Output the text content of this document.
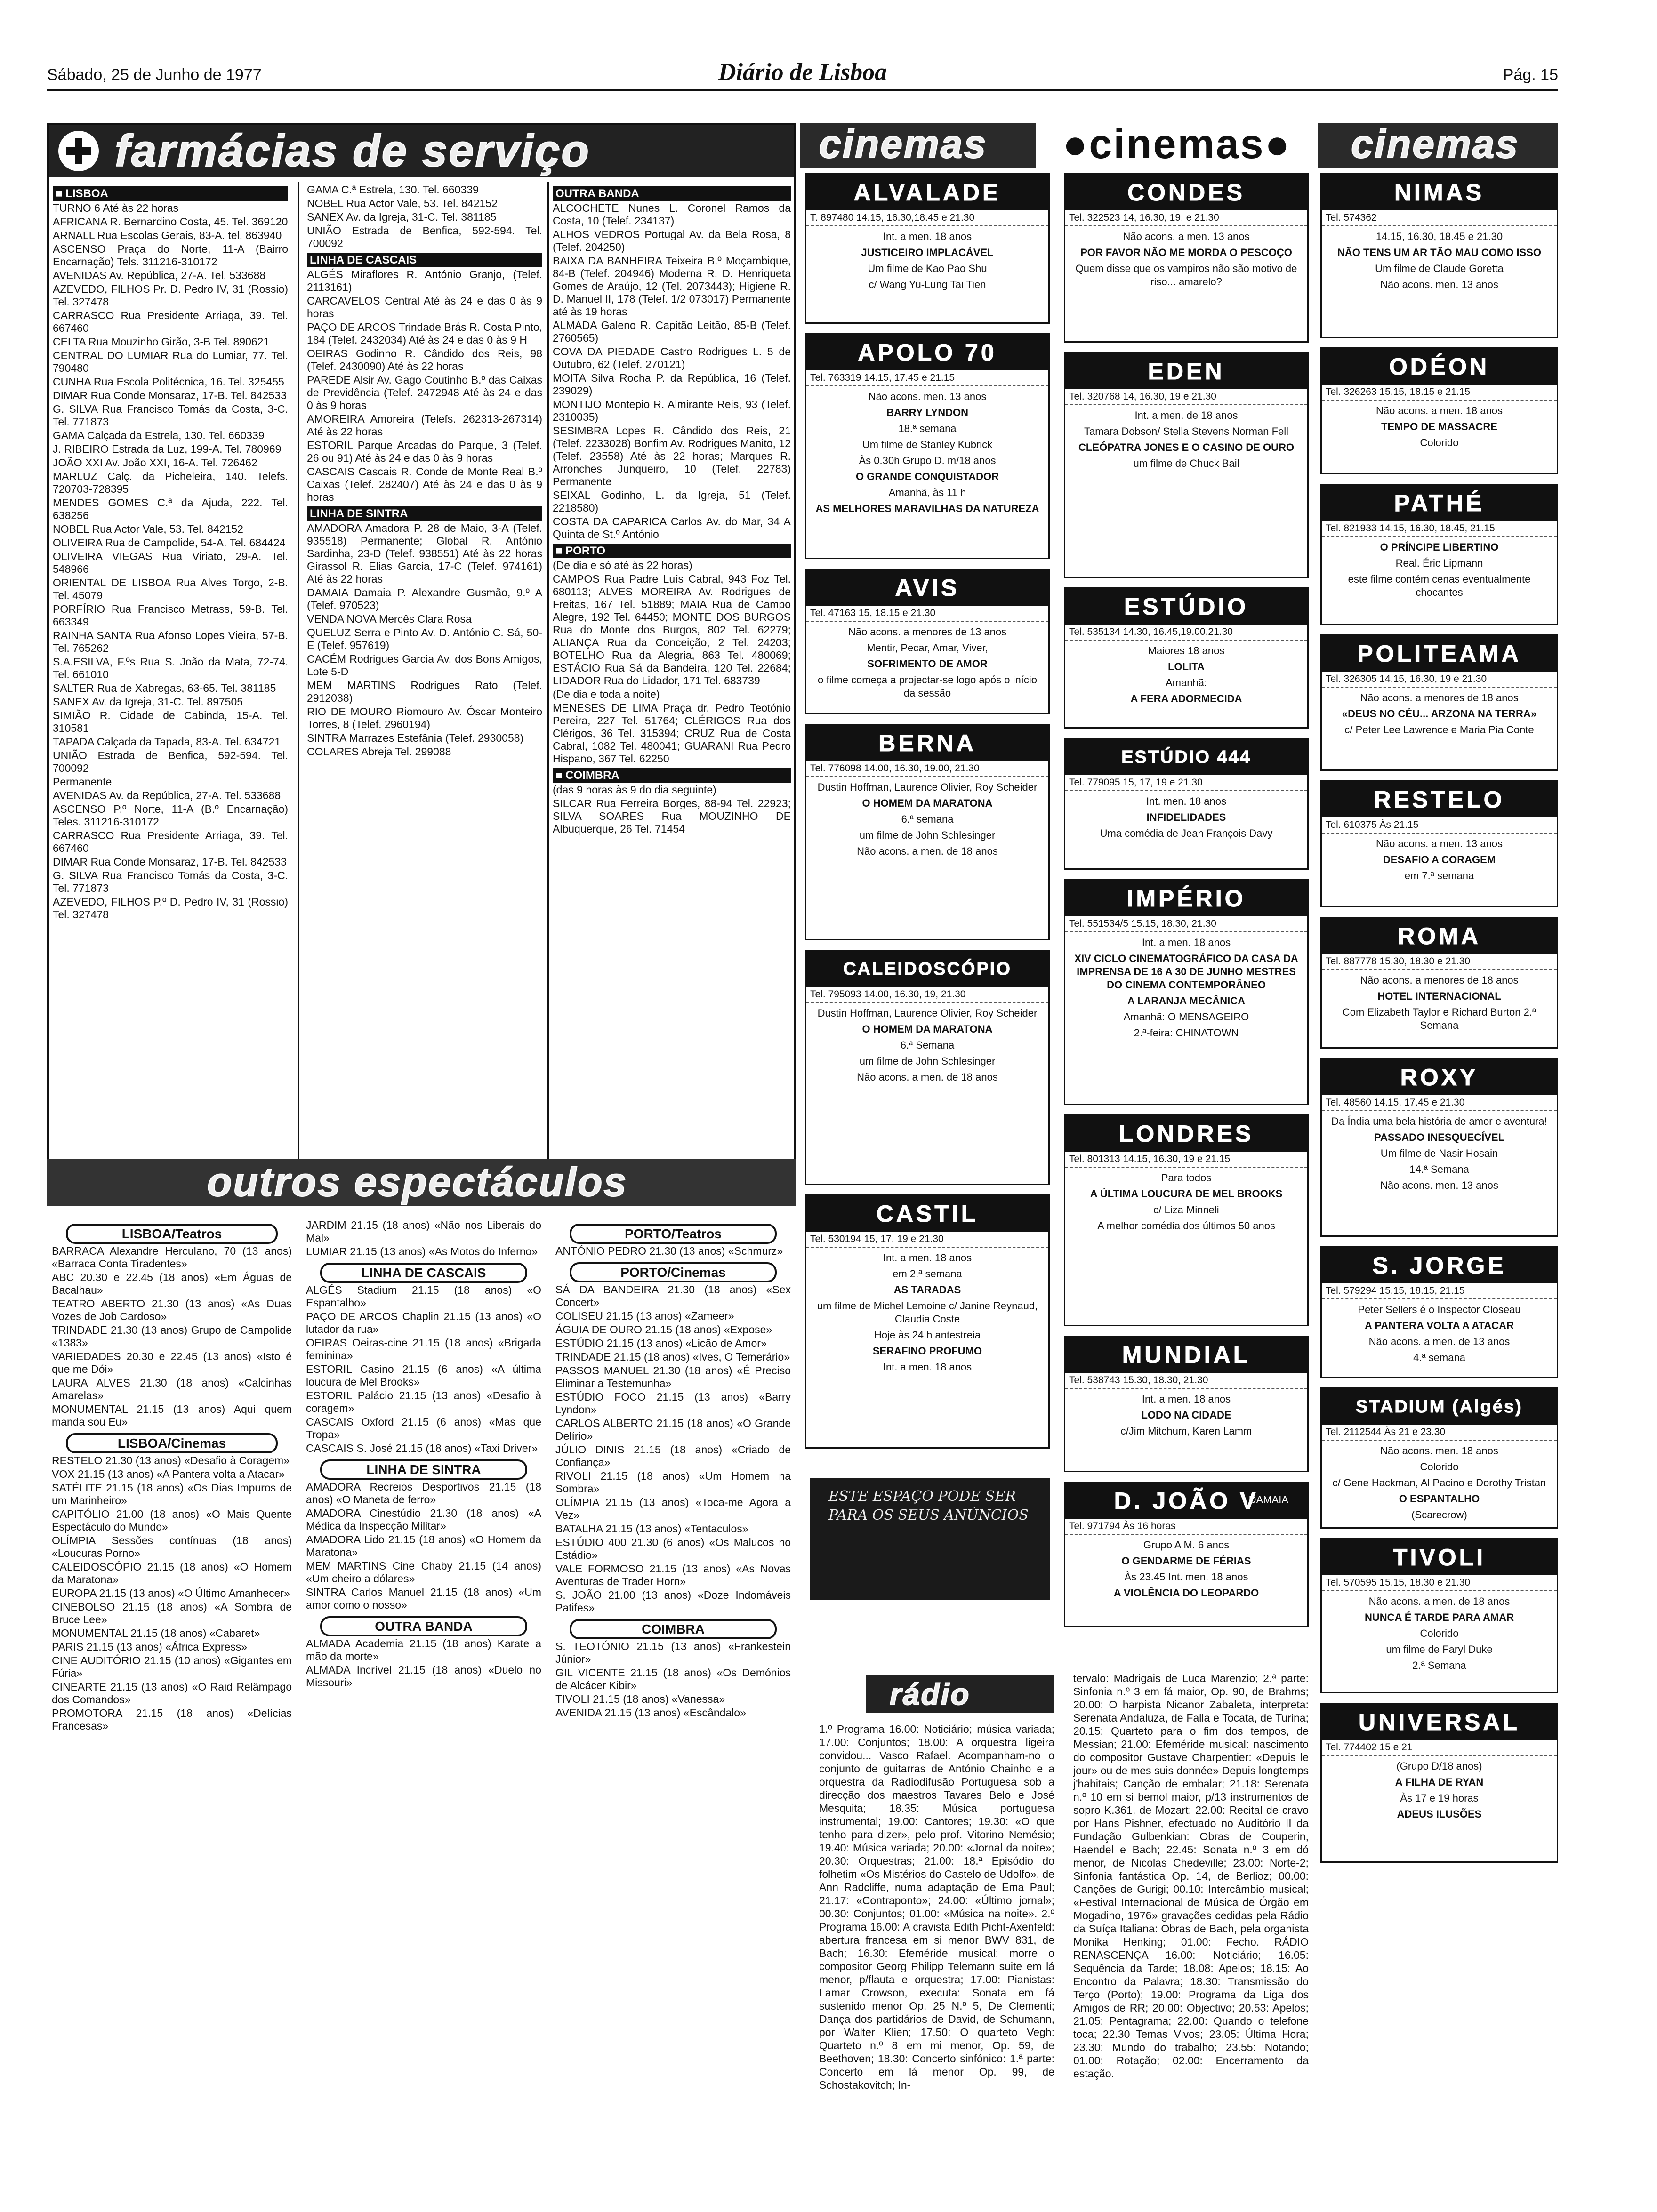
Sábado, 25 de Junho de 1977	Diário de Lisboa	Pág. 15
farmácias de serviço
■ LISBOA
TURNO 6 Até às 22 horas
AFRICANA R. Bernardino Costa, 45. Tel. 369120
ARNALL Rua Escolas Gerais, 83-A. tel. 863940
ASCENSO Praça do Norte, 11-A (Bairro Encarnação) Tels. 311216-310172
AVENIDAS Av. República, 27-A. Tel. 533688
AZEVEDO, FILHOS Pr. D. Pedro IV, 31 (Rossio) Tel. 327478
CARRASCO Rua Presidente Arriaga, 39. Tel. 667460
CELTA Rua Mouzinho Girão, 3-B Tel. 890621
CENTRAL DO LUMIAR Rua do Lumiar, 77. Tel. 790480
CUNHA Rua Escola Politécnica, 16. Tel. 325455
DIMAR Rua Conde Monsaraz, 17-B. Tel. 842533
G. SILVA Rua Francisco Tomás da Costa, 3-C. Tel. 771873
GAMA Calçada da Estrela, 130. Tel. 660339
J. RIBEIRO Estrada da Luz, 199-A. Tel. 780969
JOÃO XXI Av. João XXI, 16-A. Tel. 726462
MARLUZ Calç. da Picheleira, 140. Telefs. 720703-728395
MENDES GOMES C.ª da Ajuda, 222. Tel. 638256
NOBEL Rua Actor Vale, 53. Tel. 842152
OLIVEIRA Rua de Campolide, 54-A. Tel. 684424
OLIVEIRA VIEGAS Rua Viriato, 29-A. Tel. 548966
ORIENTAL DE LISBOA Rua Alves Torgo, 2-B. Tel. 45079
PORFÍRIO Rua Francisco Metrass, 59-B. Tel. 663349
RAINHA SANTA Rua Afonso Lopes Vieira, 57-B. Tel. 765262
S.A.ESILVA, F.ºs Rua S. João da Mata, 72-74. Tel. 661010
SALTER Rua de Xabregas, 63-65. Tel. 381185
SANEX Av. da Igreja, 31-C. Tel. 897505
SIMIÃO R. Cidade de Cabinda, 15-A. Tel. 310581
TAPADA Calçada da Tapada, 83-A. Tel. 634721
UNIÃO Estrada de Benfica, 592-594. Tel. 700092
Permanente
AVENIDAS Av. da República, 27-A. Tel. 533688
ASCENSO P.º Norte, 11-A (B.º Encarnação) Teles. 311216-310172
CARRASCO Rua Presidente Arriaga, 39. Tel. 667460
DIMAR Rua Conde Monsaraz, 17-B. Tel. 842533
G. SILVA Rua Francisco Tomás da Costa, 3-C. Tel. 771873
AZEVEDO, FILHOS P.º D. Pedro IV, 31 (Rossio) Tel. 327478
GAMA C.ª Estrela, 130. Tel. 660339
NOBEL Rua Actor Vale, 53. Tel. 842152
SANEX Av. da Igreja, 31-C. Tel. 381185
UNIÃO Estrada de Benfica, 592-594. Tel. 700092
LINHA DE CASCAIS
ALGÉS Miraflores R. António Granjo, (Telef. 2113161)
CARCAVELOS Central Até às 24 e das 0 às 9 horas
PAÇO DE ARCOS Trindade Brás R. Costa Pinto, 184 (Telef. 2432034) Até às 24 e das 0 às 9 H
OEIRAS Godinho R. Cândido dos Reis, 98 (Telef. 2430090) Até às 22 horas
PAREDE Alsir Av. Gago Coutinho B.º das Caixas de Previdência (Telef. 2472948 Até às 24 e das 0 às 9 horas
AMOREIRA Amoreira (Telefs. 262313-267314) Até às 22 horas
ESTORIL Parque Arcadas do Parque, 3 (Telef. 26 ou 91) Até às 24 e das 0 às 9 horas
CASCAIS Cascais R. Conde de Monte Real B.º Caixas (Telef. 282407) Até às 24 e das 0 às 9 horas
LINHA DE SINTRA
AMADORA Amadora P. 28 de Maio, 3-A (Telef. 935518) Permanente; Global R. António Sardinha, 23-D (Telef. 938551) Até às 22 horas Girassol R. Elias Garcia, 17-C (Telef. 974161) Até às 22 horas
DAMAIA Damaia P. Alexandre Gusmão, 9.º A (Telef. 970523)
VENDA NOVA Mercês Clara Rosa
QUELUZ Serra e Pinto Av. D. António C. Sá, 50-E (Telef. 957619)
CACÉM Rodrigues Garcia Av. dos Bons Amigos, Lote 5-D
MEM MARTINS Rodrigues Rato (Telef. 2912038)
RIO DE MOURO Riomouro Av. Óscar Monteiro Torres, 8 (Telef. 2960194)
SINTRA Marrazes Estefânia (Telef. 2930058)
COLARES Abreja Tel. 299088
OUTRA BANDA
ALCOCHETE Nunes L. Coronel Ramos da Costa, 10 (Telef. 234137)
ALHOS VEDROS Portugal Av. da Bela Rosa, 8 (Telef. 204250)
BAIXA DA BANHEIRA Teixeira B.º Moçambique, 84-B (Telef. 204946) Moderna R. D. Henriqueta Gomes de Araújo, 12 (Tel. 2073443); Higiene R. D. Manuel II, 178 (Telef. 1/2 073017) Permanente até às 19 horas
ALMADA Galeno R. Capitão Leitão, 85-B (Telef. 2760565)
COVA DA PIEDADE Castro Rodrigues L. 5 de Outubro, 62 (Telef. 270121)
MOITA Silva Rocha P. da República, 16 (Telef. 239029)
MONTIJO Montepio R. Almirante Reis, 93 (Telef. 2310035)
SESIMBRA Lopes R. Cândido dos Reis, 21 (Telef. 2233028) Bonfim Av. Rodrigues Manito, 12 (Telef. 23558) Até às 22 horas; Marques R. Arronches Junqueiro, 10 (Telef. 22783) Permanente
SEIXAL Godinho, L. da Igreja, 51 (Telef. 2218580)
COSTA DA CAPARICA Carlos Av. do Mar, 34 A Quinta de St.º António
■ PORTO
(De dia e só até às 22 horas)
CAMPOS Rua Padre Luís Cabral, 943 Foz Tel. 680113; ALVES MOREIRA Av. Rodrigues de Freitas, 167 Tel. 51889; MAIA Rua de Campo Alegre, 192 Tel. 64450; MONTE DOS BURGOS Rua do Monte dos Burgos, 802 Tel. 62279; ALIANÇA Rua da Conceição, 2 Tel. 24203; BOTELHO Rua da Alegria, 863 Tel. 480069; ESTÁCIO Rua Sá da Bandeira, 120 Tel. 22684; LIDADOR Rua do Lidador, 171 Tel. 683739
(De dia e toda a noite)
MENESES DE LIMA Praça dr. Pedro Teotónio Pereira, 227 Tel. 51764; CLÉRIGOS Rua dos Clérigos, 36 Tel. 315394; CRUZ Rua de Costa Cabral, 1082 Tel. 480041; GUARANI Rua Pedro Hispano, 367 Tel. 62250
■ COIMBRA
(das 9 horas às 9 do dia seguinte)
SILCAR Rua Ferreira Borges, 88-94 Tel. 22923; SILVA SOARES Rua MOUZINHO DE Albuquerque, 26 Tel. 71454
outros espectáculos
LISBOA/Teatros
BARRACA Alexandre Herculano, 70 (13 anos) «Barraca Conta Tiradentes»
ABC 20.30 e 22.45 (18 anos) «Em Águas de Bacalhau»
TEATRO ABERTO 21.30 (13 anos) «As Duas Vozes de Job Cardoso»
TRINDADE 21.30 (13 anos) Grupo de Campolide «1383»
VARIEDADES 20.30 e 22.45 (13 anos) «Isto é que me Dói»
LAURA ALVES 21.30 (18 anos) «Calcinhas Amarelas»
MONUMENTAL 21.15 (13 anos) Aqui quem manda sou Eu»
LISBOA/Cinemas
RESTELO 21.30 (13 anos) «Desafio à Coragem»
VOX 21.15 (13 anos) «A Pantera volta a Atacar»
SATÉLITE 21.15 (18 anos) «Os Dias Impuros de um Marinheiro»
CAPITÓLIO 21.00 (18 anos) «O Mais Quente Espectáculo do Mundo»
OLÍMPIA Sessões contínuas (18 anos) «Loucuras Porno»
CALEIDOSCÓPIO 21.15 (18 anos) «O Homem da Maratona»
EUROPA 21.15 (13 anos) «O Último Amanhecer»
CINEBOLSO 21.15 (18 anos) «A Sombra de Bruce Lee»
MONUMENTAL 21.15 (18 anos) «Cabaret»
PARIS 21.15 (13 anos) «África Express»
CINE AUDITÓRIO 21.15 (10 anos) «Gigantes em Fúria»
CINEARTE 21.15 (13 anos) «O Raid Relâmpago dos Comandos»
PROMOTORA 21.15 (18 anos) «Delícias Francesas»
JARDIM 21.15 (18 anos) «Não nos Liberais do Mal»
LUMIAR 21.15 (13 anos) «As Motos do Inferno»
LINHA DE CASCAIS
ALGÉS Stadium 21.15 (18 anos) «O Espantalho»
PAÇO DE ARCOS Chaplin 21.15 (13 anos) «O lutador da rua»
OEIRAS Oeiras-cine 21.15 (18 anos) «Brigada feminina»
ESTORIL Casino 21.15 (6 anos) «A última loucura de Mel Brooks»
ESTORIL Palácio 21.15 (13 anos) «Desafio à coragem»
CASCAIS Oxford 21.15 (6 anos) «Mas que Tropa»
CASCAIS S. José 21.15 (18 anos) «Taxi Driver»
LINHA DE SINTRA
AMADORA Recreios Desportivos 21.15 (18 anos) «O Maneta de ferro»
AMADORA Cinestúdio 21.30 (18 anos) «A Médica da Inspecção Militar»
AMADORA Lido 21.15 (18 anos) «O Homem da Maratona»
MEM MARTINS Cine Chaby 21.15 (14 anos) «Um cheiro a dólares»
SINTRA Carlos Manuel 21.15 (18 anos) «Um amor como o nosso»
OUTRA BANDA
ALMADA Academia 21.15 (18 anos) Karate a mão da morte»
ALMADA Incrível 21.15 (18 anos) «Duelo no Missouri»
PORTO/Teatros
ANTÓNIO PEDRO 21.30 (13 anos) «Schmurz»
PORTO/Cinemas
SÁ DA BANDEIRA 21.30 (18 anos) «Sex Concert»
COLISEU 21.15 (13 anos) «Zameer»
ÁGUIA DE OURO 21.15 (18 anos) «Expose»
ESTÚDIO 21.15 (13 anos) «Licão de Amor»
TRINDADE 21.15 (18 anos) «Ives, O Temerário»
PASSOS MANUEL 21.30 (18 anos) «É Preciso Eliminar a Testemunha»
ESTÚDIO FOCO 21.15 (13 anos) «Barry Lyndon»
CARLOS ALBERTO 21.15 (18 anos) «O Grande Delírio»
JÚLIO DINIS 21.15 (18 anos) «Criado de Confiança»
RIVOLI 21.15 (18 anos) «Um Homem na Sombra»
OLÍMPIA 21.15 (13 anos) «Toca-me Agora a Vez»
BATALHA 21.15 (13 anos) «Tentaculos»
ESTÚDIO 400 21.30 (6 anos) «Os Malucos no Estádio»
VALE FORMOSO 21.15 (13 anos) «As Novas Aventuras de Trader Horn»
S. JOÃO 21.00 (13 anos) «Doze Indomáveis Patifes»
COIMBRA
S. TEOTÓNIO 21.15 (13 anos) «Frankestein Júnior»
GIL VICENTE 21.15 (18 anos) «Os Demónios de Alcácer Kibir»
TIVOLI 21.15 (18 anos) «Vanessa»
AVENIDA 21.15 (13 anos) «Escândalo»
cinemas	●cinemas●	cinemas
ALVALADE
T. 897480 14.15, 16.30,18.45 e 21.30
Int. a men. 18 anos
JUSTICEIRO IMPLACÁVEL
Um filme de Kao Pao Shu
c/ Wang Yu-Lung Tai Tien
APOLO 70
Tel. 763319 14.15, 17.45 e 21.15
Não acons. men. 13 anos
BARRY LYNDON
18.ª semana
Um filme de Stanley Kubrick
Às 0.30h Grupo D. m/18 anos
O GRANDE CONQUISTADOR
Amanhã, às 11 h
AS MELHORES MARAVILHAS DA NATUREZA
AVIS
Tel. 47163 15, 18.15 e 21.30
Não acons. a menores de 13 anos
Mentir, Pecar, Amar, Viver,
SOFRIMENTO DE AMOR
o filme começa a projectar-se logo após o início da sessão
BERNA
Tel. 776098 14.00, 16.30, 19.00, 21.30
Dustin Hoffman, Laurence Olivier, Roy Scheider
O HOMEM DA MARATONA
6.ª semana
um filme de John Schlesinger
Não acons. a men. de 18 anos
CALEIDOSCÓPIO
Tel. 795093 14.00, 16.30, 19, 21.30
Dustin Hoffman, Laurence Olivier, Roy Scheider
O HOMEM DA MARATONA
6.ª Semana
um filme de John Schlesinger
Não acons. a men. de 18 anos
CASTIL
Tel. 530194 15, 17, 19 e 21.30
Int. a men. 18 anos
em 2.ª semana
AS TARADAS
um filme de Michel Lemoine c/ Janine Reynaud, Claudia Coste
Hoje às 24 h antestreia
SERAFINO PROFUMO
Int. a men. 18 anos
CONDES
Tel. 322523 14, 16.30, 19, e 21.30
Não acons. a men. 13 anos
POR FAVOR NÃO ME MORDA O PESCOÇO
Quem disse que os vampiros não são motivo de riso... amarelo?
EDEN
Tel. 320768 14, 16.30, 19 e 21.30
Int. a men. de 18 anos
Tamara Dobson/ Stella Stevens Norman Fell
CLEÓPATRA JONES E O CASINO DE OURO
um filme de Chuck Bail
ESTÚDIO
Tel. 535134 14.30, 16.45,19.00,21.30
Maiores 18 anos
LOLITA
Amanhã:
A FERA ADORMECIDA
ESTÚDIO 444
Tel. 779095 15, 17, 19 e 21.30
Int. men. 18 anos
INFIDELIDADES
Uma comédia de Jean François Davy
IMPÉRIO
Tel. 551534/5 15.15, 18.30, 21.30
Int. a men. 18 anos
XIV CICLO CINEMATOGRÁFICO DA CASA DA IMPRENSA DE 16 A 30 DE JUNHO MESTRES DO CINEMA CONTEMPORÂNEO
A LARANJA MECÂNICA
Amanhã: O MENSAGEIRO
2.ª-feira: CHINATOWN
LONDRES
Tel. 801313 14.15, 16.30, 19 e 21.15
Para todos
A ÚLTIMA LOUCURA DE MEL BROOKS
c/ Liza Minneli
A melhor comédia dos últimos 50 anos
MUNDIAL
Tel. 538743 15.30, 18.30, 21.30
Int. a men. 18 anos
LODO NA CIDADE
c/Jim Mitchum, Karen Lamm
D. JOÃO V
DAMAIA
Tel. 971794 Às 16 horas
Grupo A M. 6 anos
O GENDARME DE FÉRIAS
Às 23.45 Int. men. 18 anos
A VIOLÊNCIA DO LEOPARDO
NIMAS
Tel. 574362
14.15, 16.30, 18.45 e 21.30
NÃO TENS UM AR TÃO MAU COMO ISSO
Um filme de Claude Goretta
Não acons. men. 13 anos
ODÉON
Tel. 326263 15.15, 18.15 e 21.15
Não acons. a men. 18 anos
TEMPO DE MASSACRE
Colorido
PATHÉ
Tel. 821933 14.15, 16.30, 18.45, 21.15
O PRÍNCIPE LIBERTINO
Real. Éric Lipmann
este filme contém cenas eventualmente chocantes
POLITEAMA
Tel. 326305 14.15, 16.30, 19 e 21.30
Não acons. a menores de 18 anos
«DEUS NO CÉU... ARZONA NA TERRA»
c/ Peter Lee Lawrence e Maria Pia Conte
RESTELO
Tel. 610375 Às 21.15
Não acons. a men. 13 anos
DESAFIO A CORAGEM
em 7.ª semana
ROMA
Tel. 887778 15.30, 18.30 e 21.30
Não acons. a menores de 18 anos
HOTEL INTERNACIONAL
Com Elizabeth Taylor e Richard Burton 2.ª Semana
ROXY
Tel. 48560 14.15, 17.45 e 21.30
Da Índia uma bela história de amor e aventura!
PASSADO INESQUECÍVEL
Um filme de Nasir Hosain
14.ª Semana
Não acons. men. 13 anos
S. JORGE
Tel. 579294 15.15, 18.15, 21.15
Peter Sellers é o Inspector Closeau
A PANTERA VOLTA A ATACAR
Não acons. a men. de 13 anos
4.ª semana
STADIUM (Algés)
Tel. 2112544 Às 21 e 23.30
Não acons. men. 18 anos
Colorido
c/ Gene Hackman, Al Pacino e Dorothy Tristan
O ESPANTALHO
(Scarecrow)
TIVOLI
Tel. 570595 15.15, 18.30 e 21.30
Não acons. a men. de 18 anos
NUNCA É TARDE PARA AMAR
Colorido
um filme de Faryl Duke
2.ª Semana
UNIVERSAL
Tel. 774402 15 e 21
(Grupo D/18 anos)
A FILHA DE RYAN
Às 17 e 19 horas
ADEUS ILUSÕES
ESTE ESPAÇO PODE SER PARA OS SEUS ANÚNCIOS
rádio
1.º Programa 16.00: Noticiário; música variada; 17.00: Conjuntos; 18.00: A orquestra ligeira convidou... Vasco Rafael. Acompanham-no o conjunto de guitarras de António Chainho e a orquestra da Radiodifusão Portuguesa sob a direcção dos maestros Tavares Belo e José Mesquita; 18.35: Música portuguesa instrumental; 19.00: Cantores; 19.30: «O que tenho para dizer», pelo prof. Vitorino Nemésio; 19.40: Música variada; 20.00: «Jornal da noite»; 20.30: Orquestras; 21.00: 18.ª Episódio do folhetim «Os Mistérios do Castelo de Udolfo», de Ann Radcliffe, numa adaptação de Ema Paul; 21.17: «Contraponto»; 24.00: «Último jornal»; 00.30: Conjuntos; 01.00: «Música na noite». 2.º Programa 16.00: A cravista Edith Picht-Axenfeld: abertura francesa em si menor BWV 831, de Bach; 16.30: Efeméride musical: morre o compositor Georg Philipp Telemann suite em lá menor, p/flauta e orquestra; 17.00: Pianistas: Lamar Crowson, executa: Sonata em fá sustenido menor Op. 25 N.º 5, De Clementi; Dança dos partidários de David, de Schumann, por Walter Klien; 17.50: O quarteto Vegh: Quarteto n.º 8 em mi menor, Op. 59, de Beethoven; 18.30: Concerto sinfónico: 1.ª parte: Concerto em lá menor Op. 99, de Schostakovitch; In-
tervalo: Madrigais de Luca Marenzio; 2.ª parte: Sinfonia n.º 3 em fá maior, Op. 90, de Brahms; 20.00: O harpista Nicanor Zabaleta, interpreta: Serenata Andaluza, de Falla e Tocata, de Turina; 20.15: Quarteto para o fim dos tempos, de Messian; 21.00: Efeméride musical: nascimento do compositor Gustave Charpentier: «Depuis le jour» ou de mes suis donnée» Depuis longtemps j'habitais; Canção de embalar; 21.18: Serenata n.º 10 em si bemol maior, p/13 instrumentos de sopro K.361, de Mozart; 22.00: Recital de cravo por Hans Pishner, efectuado no Auditório II da Fundação Gulbenkian: Obras de Couperin, Haendel e Bach; 22.45: Sonata n.º 3 em dó menor, de Nicolas Chedeville; 23.00: Norte-2; Sinfonia fantástica Op. 14, de Berlioz; 00.00: Canções de Gurigi; 00.10: Intercâmbio musical; «Festival Internacional de Música de Órgão em Mogadino, 1976» gravações cedidas pela Rádio da Suíça Italiana: Obras de Bach, pela organista Monika Henking; 01.00: Fecho. RÁDIO RENASCENÇA 16.00: Noticiário; 16.05: Sequência da Tarde; 18.08: Apelos; 18.15: Ao Encontro da Palavra; 18.30: Transmissão do Terço (Porto); 19.00: Programa da Liga dos Amigos de RR; 20.00: Objectivo; 20.53: Apelos; 21.05: Pentagrama; 22.00: Quando o telefone toca; 22.30 Temas Vivos; 23.05: Última Hora; 23.30: Mundo do trabalho; 23.55: Notando; 01.00: Rotação; 02.00: Encerramento da estação.
